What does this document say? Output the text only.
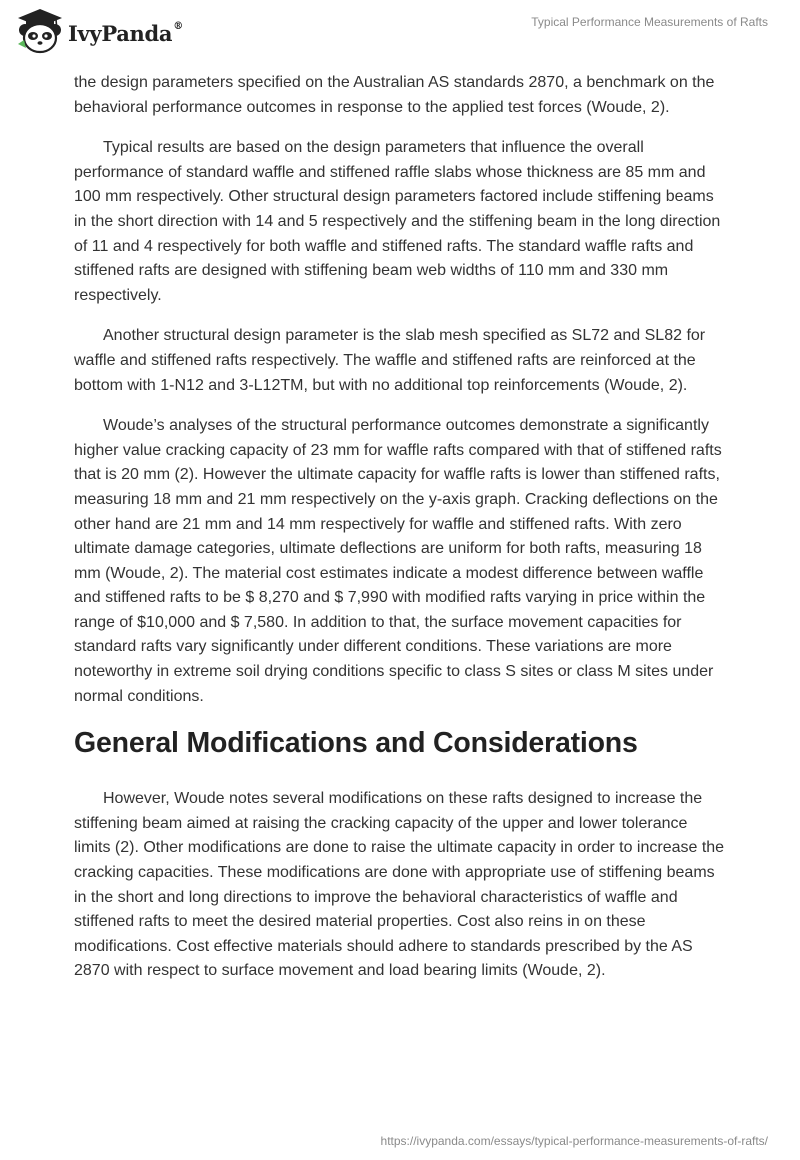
IvyPanda®	Typical Performance Measurements of Rafts

the design parameters specified on the Australian AS standards 2870, a benchmark on the behavioral performance outcomes in response to the applied test forces (Woude, 2).

Typical results are based on the design parameters that influence the overall performance of standard waffle and stiffened raffle slabs whose thickness are 85 mm and 100 mm respectively. Other structural design parameters factored include stiffening beams in the short direction with 14 and 5 respectively and the stiffening beam in the long direction of 11 and 4 respectively for both waffle and stiffened rafts. The standard waffle rafts and stiffened rafts are designed with stiffening beam web widths of 110 mm and 330 mm respectively.

Another structural design parameter is the slab mesh specified as SL72 and SL82 for waffle and stiffened rafts respectively. The waffle and stiffened rafts are reinforced at the bottom with 1-N12 and 3-L12TM, but with no additional top reinforcements (Woude, 2).

Woude’s analyses of the structural performance outcomes demonstrate a significantly higher value cracking capacity of 23 mm for waffle rafts compared with that of stiffened rafts that is 20 mm (2). However the ultimate capacity for waffle rafts is lower than stiffened rafts, measuring 18 mm and 21 mm respectively on the y-axis graph. Cracking deflections on the other hand are 21 mm and 14 mm respectively for waffle and stiffened rafts. With zero ultimate damage categories, ultimate deflections are uniform for both rafts, measuring 18 mm (Woude, 2). The material cost estimates indicate a modest difference between waffle and stiffened rafts to be $ 8,270 and $ 7,990 with modified rafts varying in price within the range of $10,000 and $ 7,580. In addition to that, the surface movement capacities for standard rafts vary significantly under different conditions. These variations are more noteworthy in extreme soil drying conditions specific to class S sites or class M sites under normal conditions.

General Modifications and Considerations

However, Woude notes several modifications on these rafts designed to increase the stiffening beam aimed at raising the cracking capacity of the upper and lower tolerance limits (2). Other modifications are done to raise the ultimate capacity in order to increase the cracking capacities. These modifications are done with appropriate use of stiffening beams in the short and long directions to improve the behavioral characteristics of waffle and stiffened rafts to meet the desired material properties. Cost also reins in on these modifications. Cost effective materials should adhere to standards prescribed by the AS 2870 with respect to surface movement and load bearing limits (Woude, 2).

https://ivypanda.com/essays/typical-performance-measurements-of-rafts/
